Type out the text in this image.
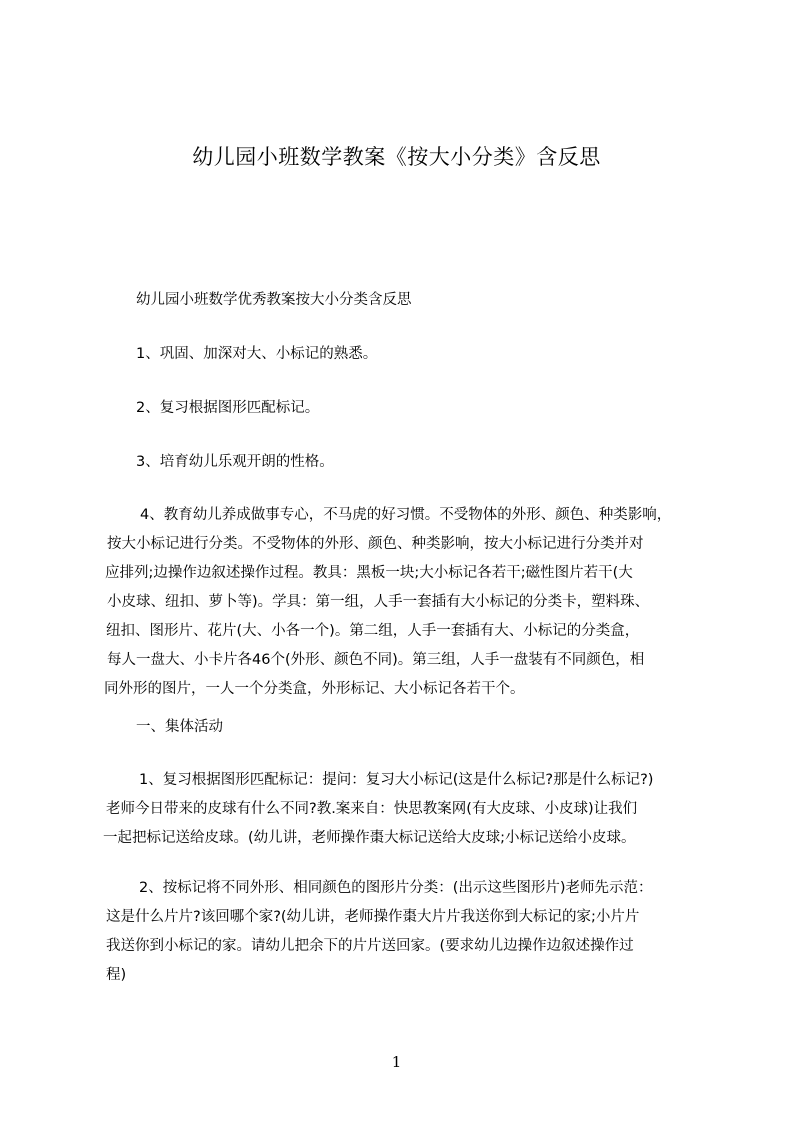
幼儿园小班数学教案《按大小分类》含反思
幼儿园小班数学优秀教案按大小分类含反思
1、巩固、加深对大、小标记的熟悉。
2、复习根据图形匹配标记。
3、培育幼儿乐观开朗的性格。
4、教育幼儿养成做事专心，不马虎的好习惯。不受物体的外形、颜色、种类影响，
按大小标记进行分类。不受物体的外形、颜色、种类影响，按大小标记进行分类并对
应排列;边操作边叙述操作过程。教具：黑板一块;大小标记各若干;磁性图片若干(大
小皮球、纽扣、萝卜等)。学具：第一组，人手一套插有大小标记的分类卡，塑料珠、
纽扣、图形片、花片(大、小各一个)。第二组，人手一套插有大、小标记的分类盒，
每人一盘大、小卡片各46个(外形、颜色不同)。第三组，人手一盘装有不同颜色，相
同外形的图片，一人一个分类盒，外形标记、大小标记各若干个。
一、集体活动
1、复习根据图形匹配标记：提问：复习大小标记(这是什么标记?那是什么标记?)
老师今日带来的皮球有什么不同?教.案来自：快思教案网(有大皮球、小皮球)让我们
一起把标记送给皮球。(幼儿讲，老师操作棗大标记送给大皮球;小标记送给小皮球。
2、按标记将不同外形、相同颜色的图形片分类：(出示这些图形片)老师先示范：
这是什么片片?该回哪个家?(幼儿讲，老师操作棗大片片我送你到大标记的家;小片片
我送你到小标记的家。请幼儿把余下的片片送回家。(要求幼儿边操作边叙述操作过
程)
1
